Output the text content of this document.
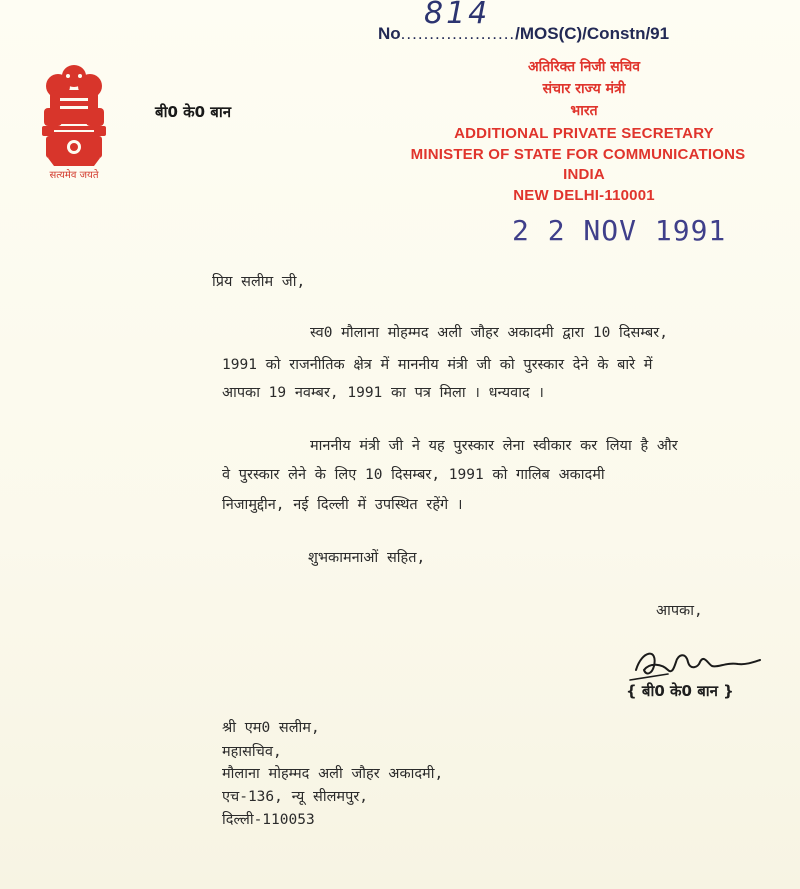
सत्यमेव जयते
बी0 के0 बान
814
No..................../MOS(C)/Constn/91
अतिरिक्त निजी सचिव
संचार राज्य मंत्री
भारत
ADDITIONAL PRIVATE SECRETARY
MINISTER OF STATE FOR COMMUNICATIONS
INDIA
NEW DELHI-110001
2 2 NOV 1991
प्रिय सलीम जी,
स्व0 मौलाना मोहम्मद अली जौहर अकादमी द्वारा 10 दिसम्बर,
1991 को राजनीतिक क्षेत्र में माननीय मंत्री जी को पुरस्कार देने के बारे में
आपका 19 नवम्बर, 1991 का पत्र मिला । धन्यवाद ।
माननीय मंत्री जी ने यह पुरस्कार लेना स्वीकार कर लिया है और
वे पुरस्कार लेने के लिए 10 दिसम्बर, 1991 को गालिब अकादमी
निजामुद्दीन, नई दिल्ली में उपस्थित रहेंगे ।
शुभकामनाओं सहित,
आपका,
{ बी0 के0 बान }
श्री एम0 सलीम,
महासचिव,
मौलाना मोहम्मद अली जौहर अकादमी,
एच-136, न्यू सीलमपुर,
दिल्ली-110053
